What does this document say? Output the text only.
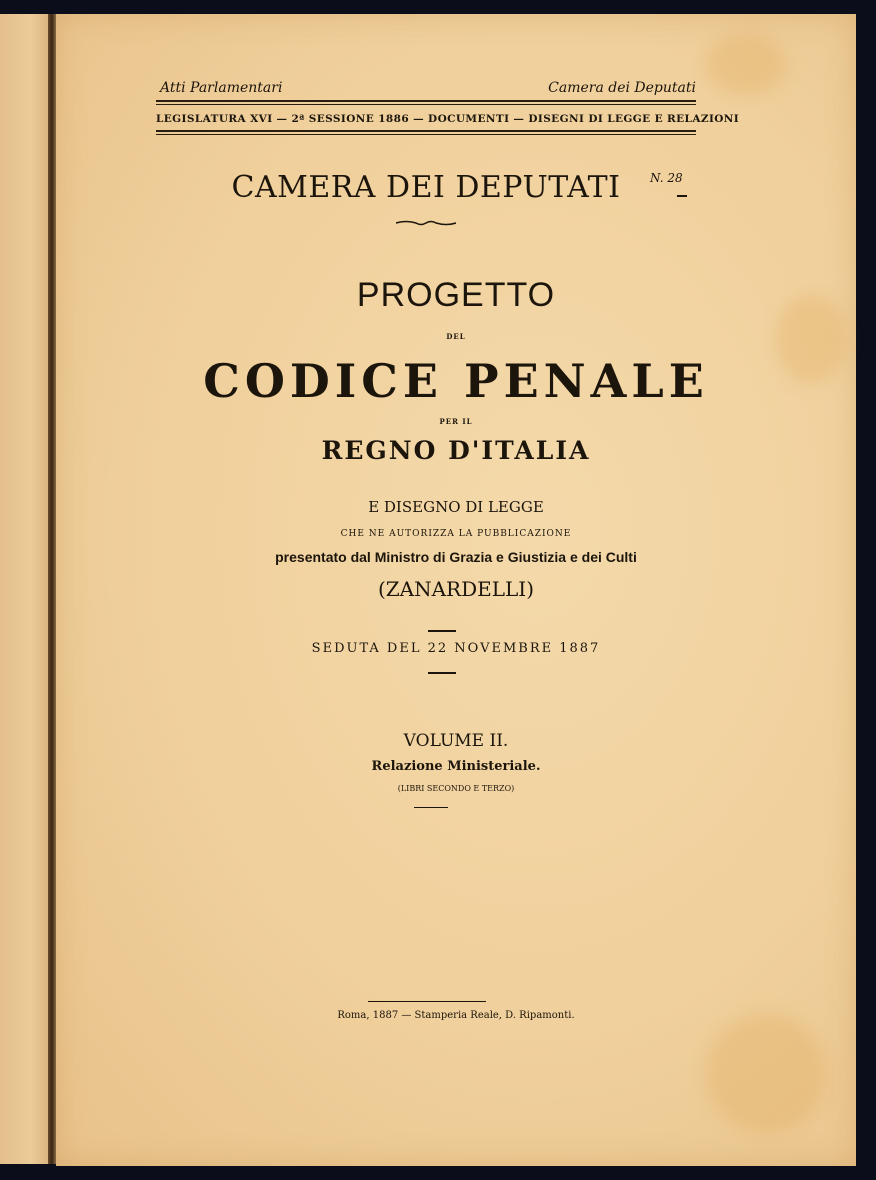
Atti Parlamentari	Camera dei Deputati
LEGISLATURA XVI — 2ª SESSIONE 1886 — DOCUMENTI — DISEGNI DI LEGGE E RELAZIONI
CAMERA DEI DEPUTATI	N. 28
PROGETTO
DEL
CODICE PENALE
PER IL
REGNO D'ITALIA
E DISEGNO DI LEGGE
CHE NE AUTORIZZA LA PUBBLICAZIONE
presentato dal Ministro di Grazia e Giustizia e dei Culti
(ZANARDELLI)
SEDUTA DEL 22 NOVEMBRE 1887
VOLUME II.
Relazione Ministeriale.
(LIBRI SECONDO E TERZO)
Roma, 1887 — Stamperia Reale, D. Ripamonti.
